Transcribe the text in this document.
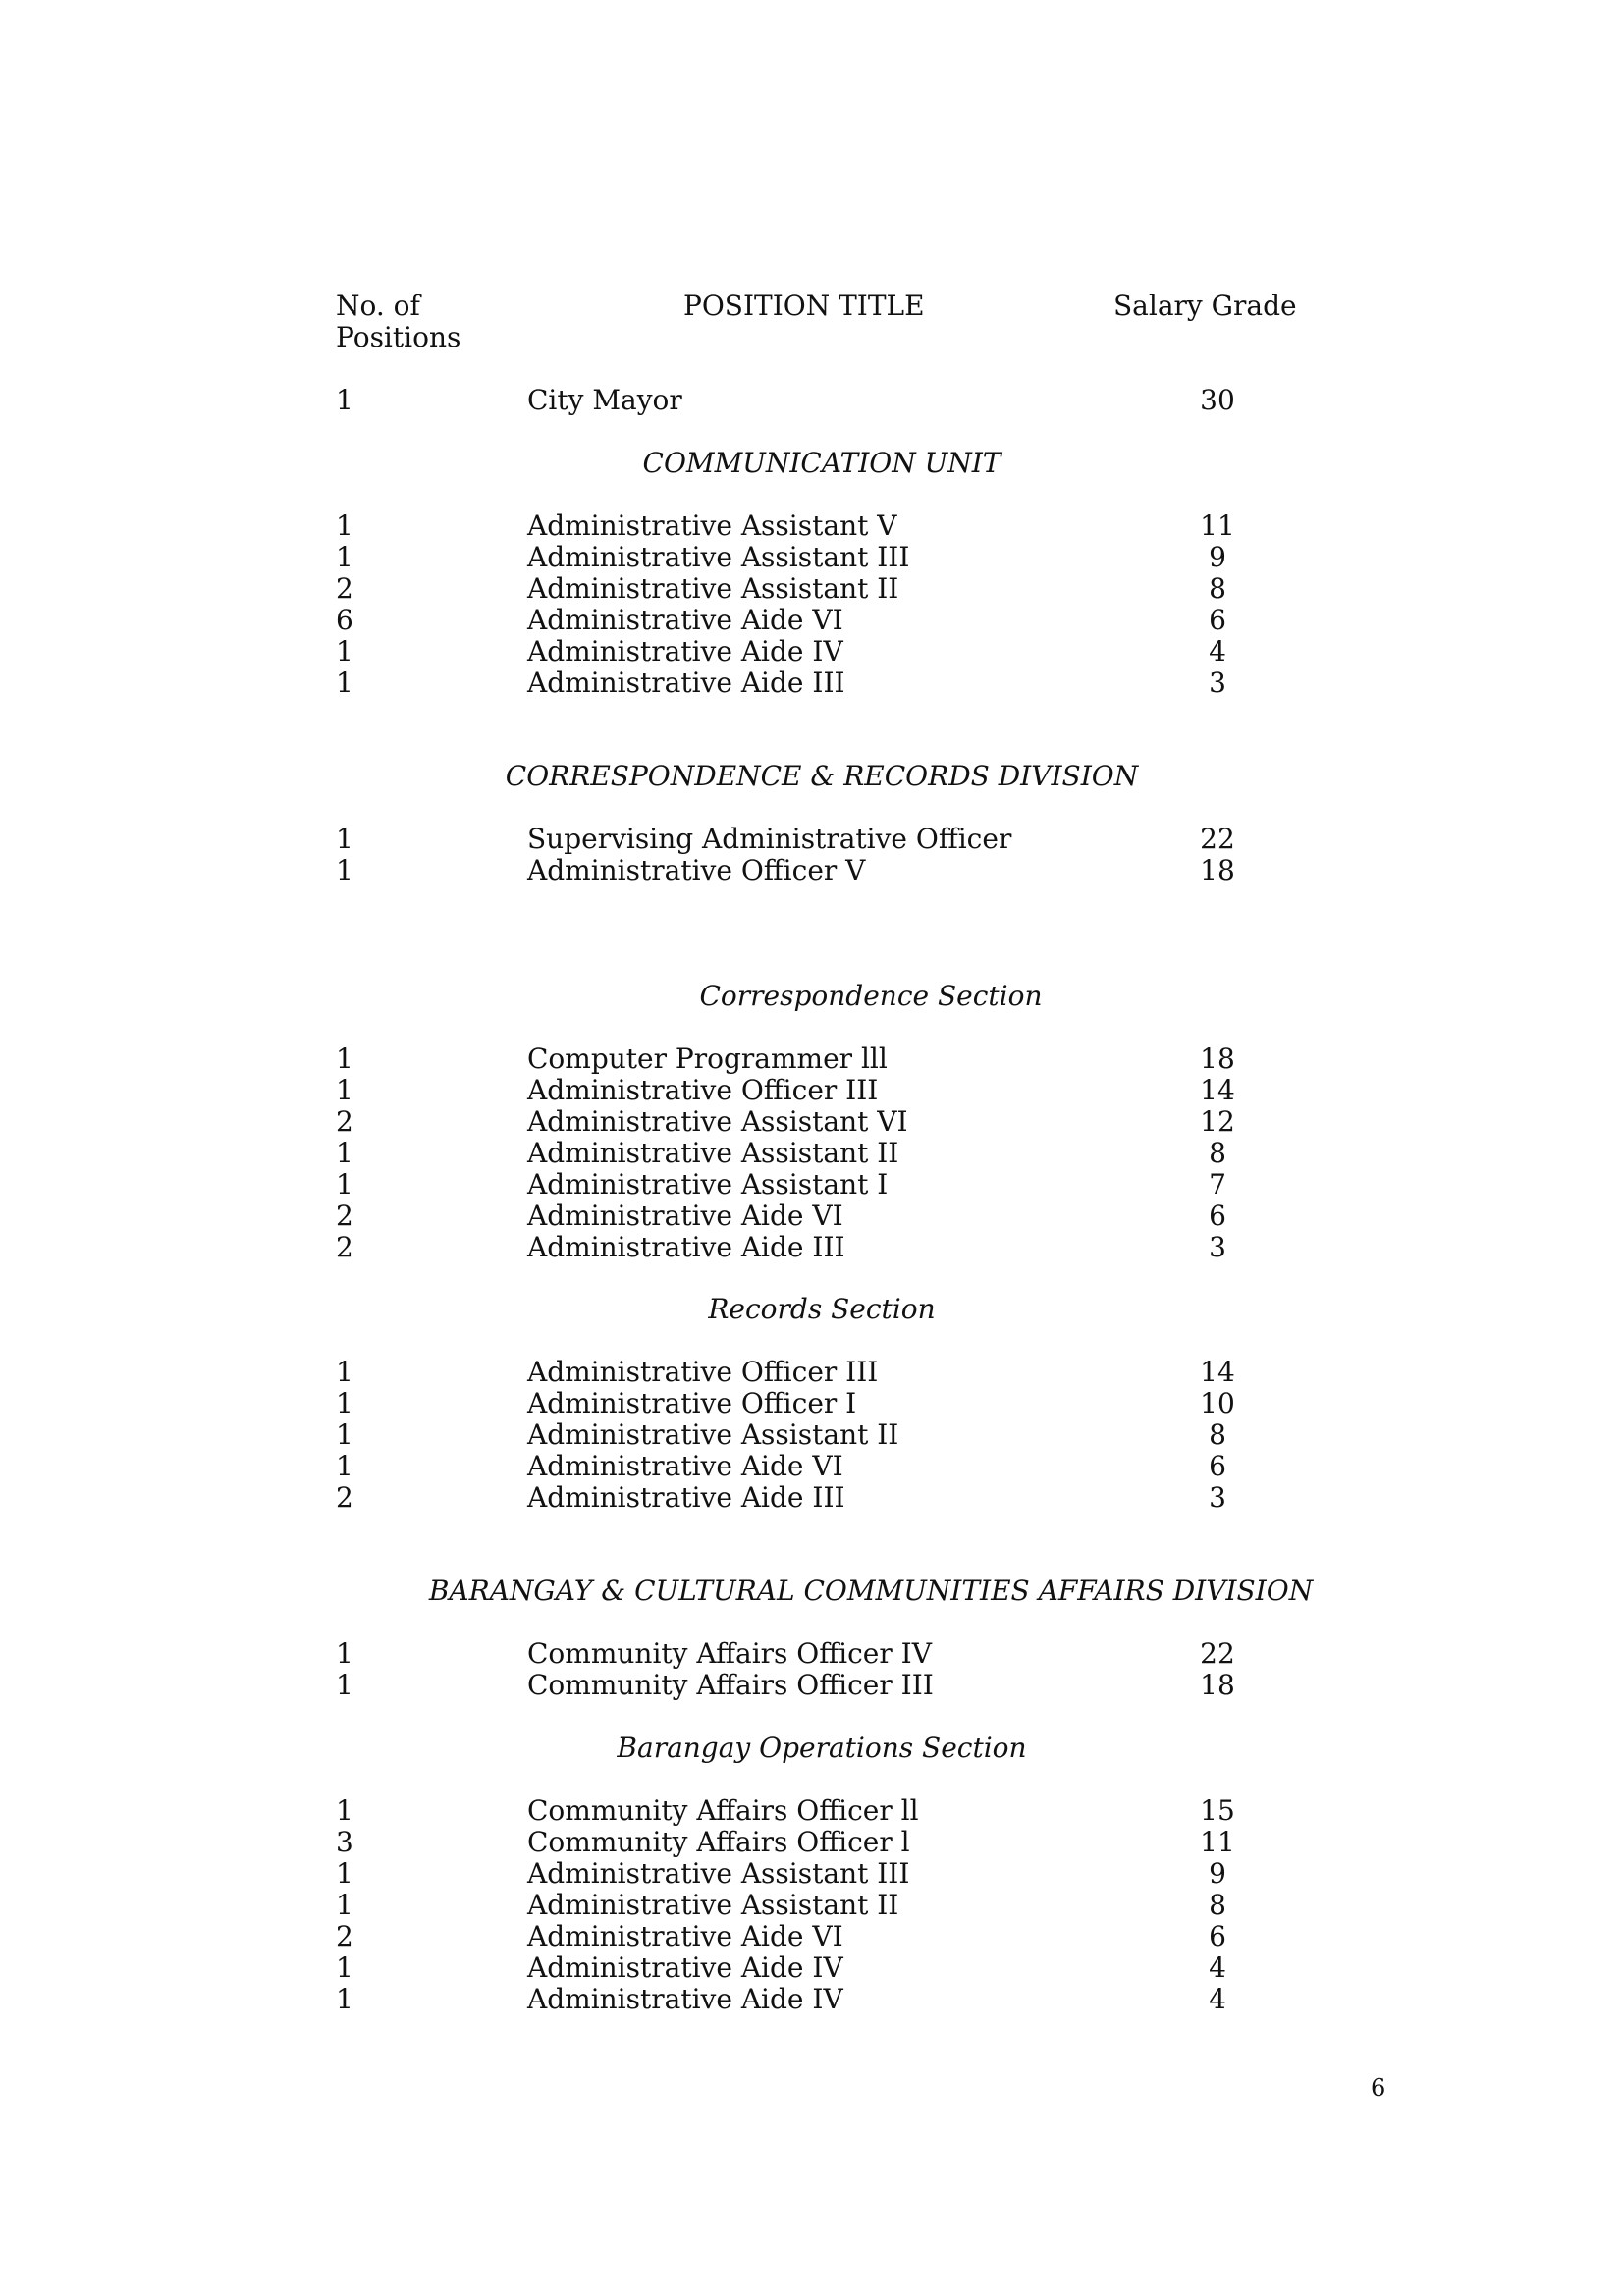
No. of
Positions
POSITION TITLE	Salary Grade
1	City Mayor	30
COMMUNICATION UNIT
1	Administrative Assistant V	11
1	Administrative Assistant III	9
2	Administrative Assistant II	8
6	Administrative Aide VI	6
1	Administrative Aide IV	4
1	Administrative Aide III	3
CORRESPONDENCE & RECORDS DIVISION
1	Supervising Administrative Officer	22
1	Administrative Officer V	18
Correspondence Section
1	Computer Programmer lll	18
1	Administrative Officer III	14
2	Administrative Assistant VI	12
1	Administrative Assistant II	8
1	Administrative Assistant I	7
2	Administrative Aide VI	6
2	Administrative Aide III	3
Records Section
1	Administrative Officer III	14
1	Administrative Officer I	10
1	Administrative Assistant II	8
1	Administrative Aide VI	6
2	Administrative Aide III	3
BARANGAY & CULTURAL COMMUNITIES AFFAIRS DIVISION
1	Community Affairs Officer IV	22
1	Community Affairs Officer III	18
Barangay Operations Section
1	Community Affairs Officer ll	15
3	Community Affairs Officer l	11
1	Administrative Assistant III	9
1	Administrative Assistant II	8
2	Administrative Aide VI	6
1	Administrative Aide IV	4
1	Administrative Aide IV	4
6
